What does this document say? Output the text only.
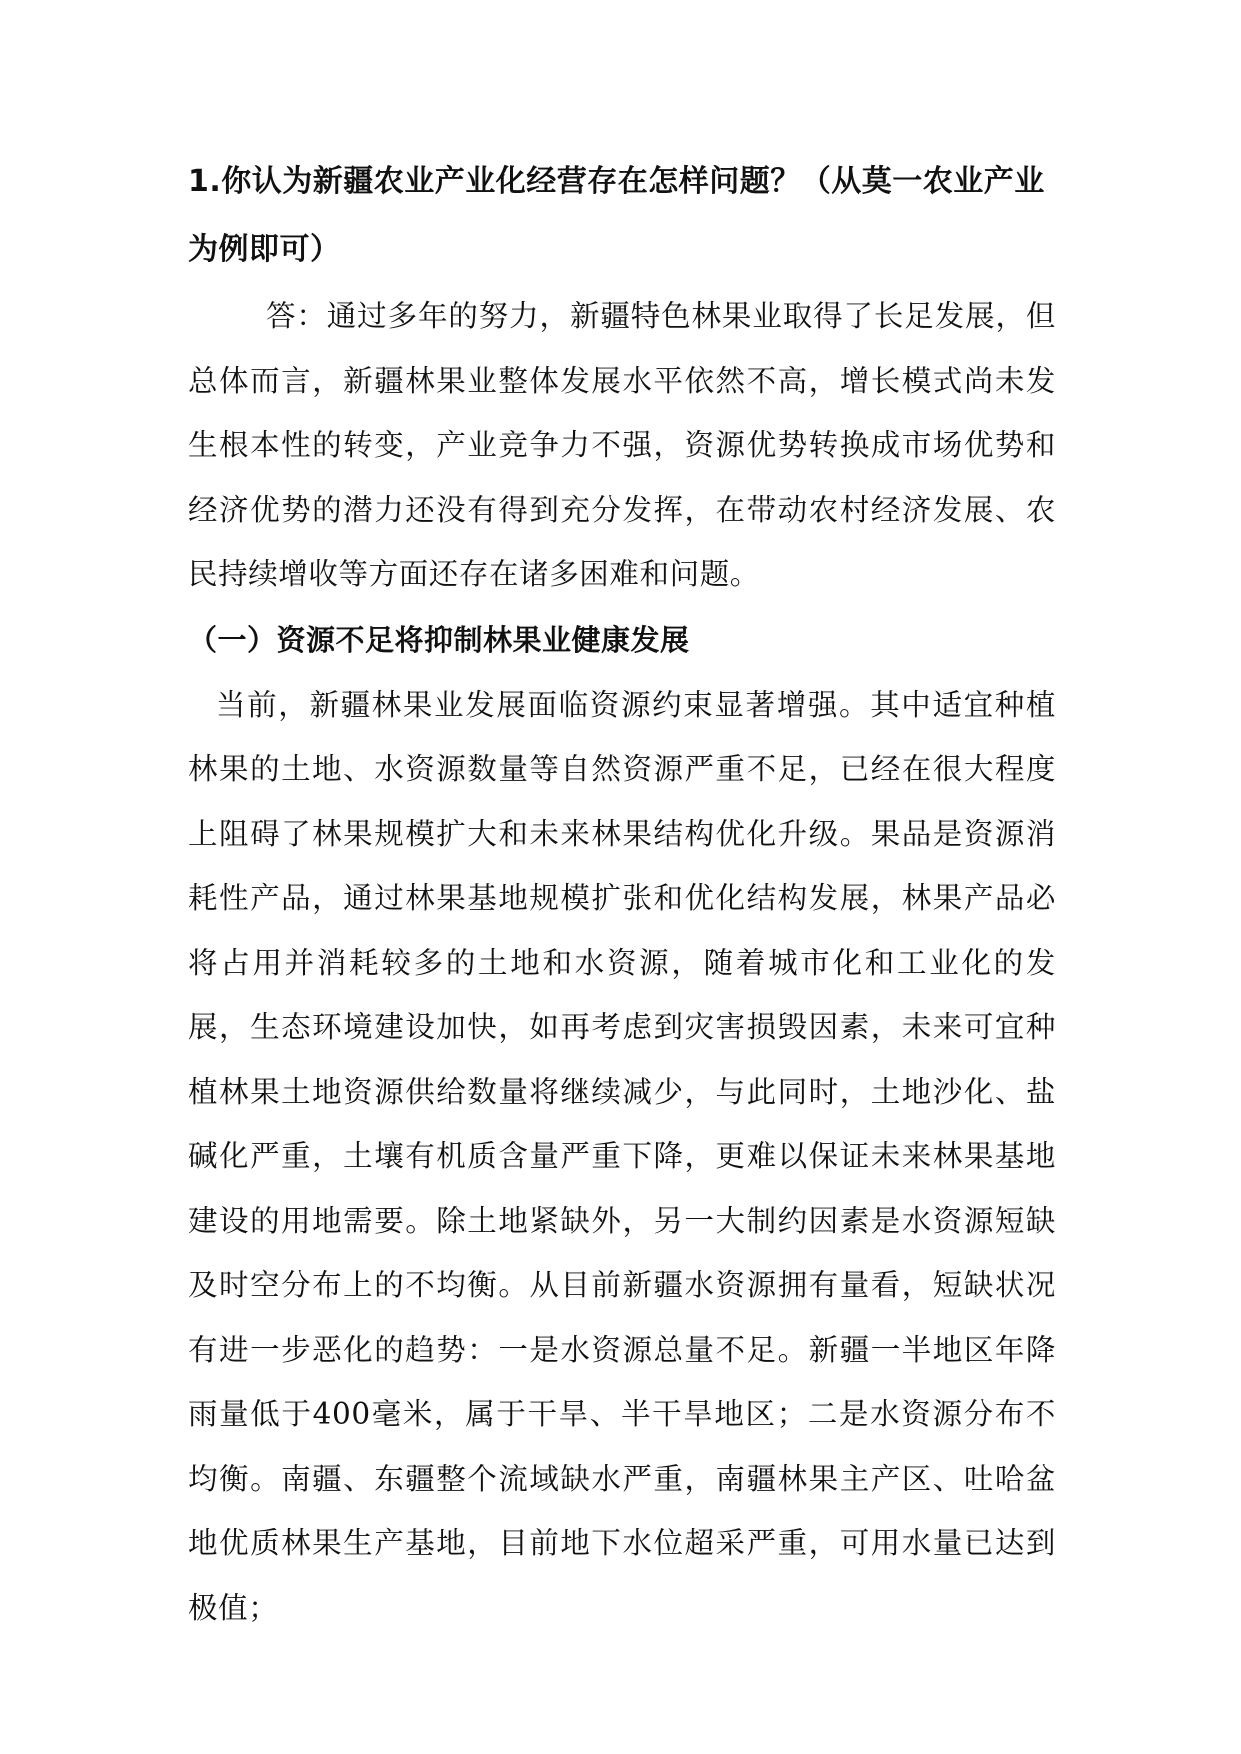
1.你认为新疆农业产业化经营存在怎样问题？（从莫一农业产业为例即可）

答：通过多年的努力，新疆特色林果业取得了长足发展，但总体而言，新疆林果业整体发展水平依然不高，增长模式尚未发生根本性的转变，产业竞争力不强，资源优势转换成市场优势和经济优势的潜力还没有得到充分发挥，在带动农村经济发展、农民持续增收等方面还存在诸多困难和问题。

（一）资源不足将抑制林果业健康发展

当前，新疆林果业发展面临资源约束显著增强。其中适宜种植林果的土地、水资源数量等自然资源严重不足，已经在很大程度上阻碍了林果规模扩大和未来林果结构优化升级。果品是资源消耗性产品，通过林果基地规模扩张和优化结构发展，林果产品必将占用并消耗较多的土地和水资源，随着城市化和工业化的发展，生态环境建设加快，如再考虑到灾害损毁因素，未来可宜种植林果土地资源供给数量将继续减少，与此同时，土地沙化、盐碱化严重，土壤有机质含量严重下降，更难以保证未来林果基地建设的用地需要。除土地紧缺外，另一大制约因素是水资源短缺及时空分布上的不均衡。从目前新疆水资源拥有量看，短缺状况有进一步恶化的趋势：一是水资源总量不足。新疆一半地区年降雨量低于400毫米，属于干旱、半干旱地区；二是水资源分布不均衡。南疆、东疆整个流域缺水严重，南疆林果主产区、吐哈盆地优质林果生产基地，目前地下水位超采严重，可用水量已达到极值；
